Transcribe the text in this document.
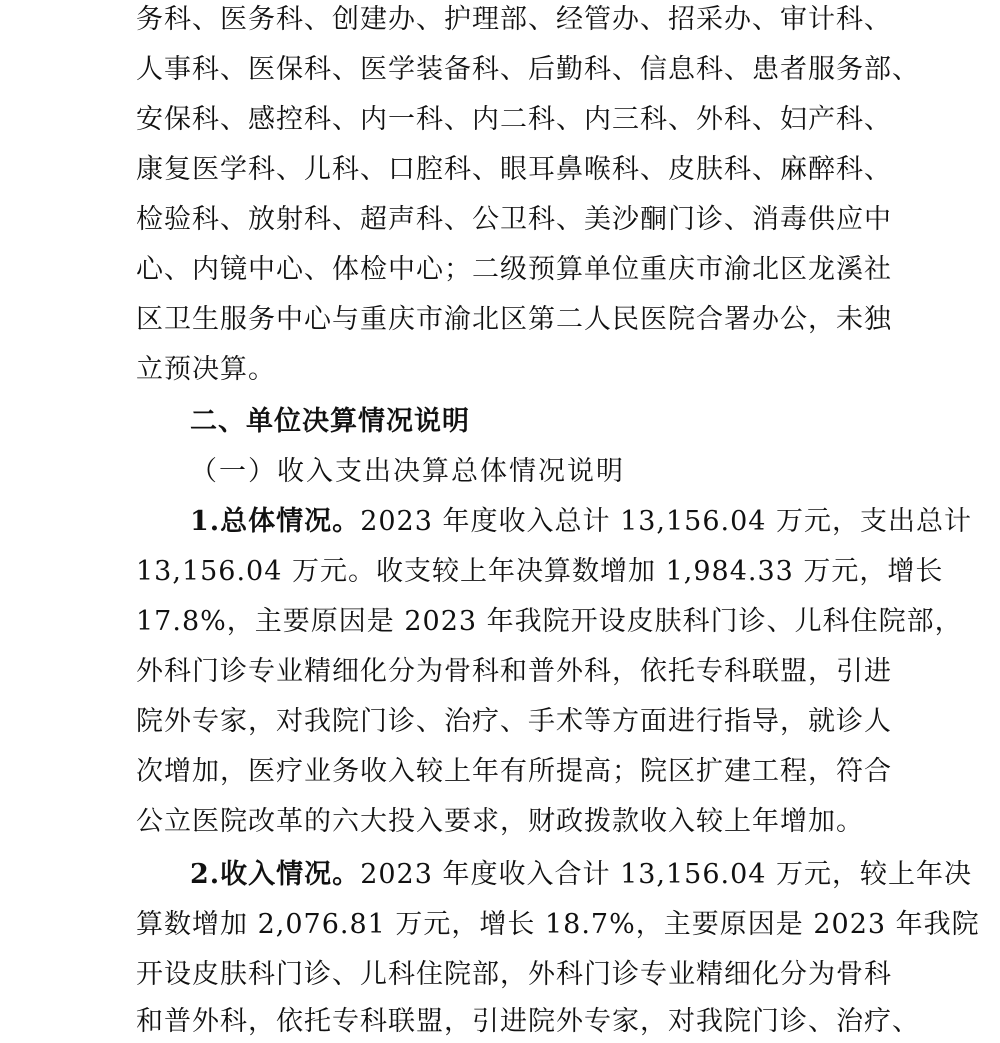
务科、医务科、创建办、护理部、经管办、招采办、审计科、
人事科、医保科、医学装备科、后勤科、信息科、患者服务部、
安保科、感控科、内一科、内二科、内三科、外科、妇产科、
康复医学科、儿科、口腔科、眼耳鼻喉科、皮肤科、麻醉科、
检验科、放射科、超声科、公卫科、美沙酮门诊、消毒供应中
心、内镜中心、体检中心；二级预算单位重庆市渝北区龙溪社
区卫生服务中心与重庆市渝北区第二人民医院合署办公，未独
立预决算。
二、单位决算情况说明
（一）收入支出决算总体情况说明
1.总体情况。2023 年度收入总计 13,156.04 万元，支出总计
13,156.04 万元。收支较上年决算数增加 1,984.33 万元，增长
17.8%，主要原因是 2023 年我院开设皮肤科门诊、儿科住院部，
外科门诊专业精细化分为骨科和普外科，依托专科联盟，引进
院外专家，对我院门诊、治疗、手术等方面进行指导，就诊人
次增加，医疗业务收入较上年有所提高；院区扩建工程，符合
公立医院改革的六大投入要求，财政拨款收入较上年增加。
2.收入情况。2023 年度收入合计 13,156.04 万元，较上年决
算数增加 2,076.81 万元，增长 18.7%，主要原因是 2023 年我院
开设皮肤科门诊、儿科住院部，外科门诊专业精细化分为骨科
和普外科，依托专科联盟，引进院外专家，对我院门诊、治疗、
